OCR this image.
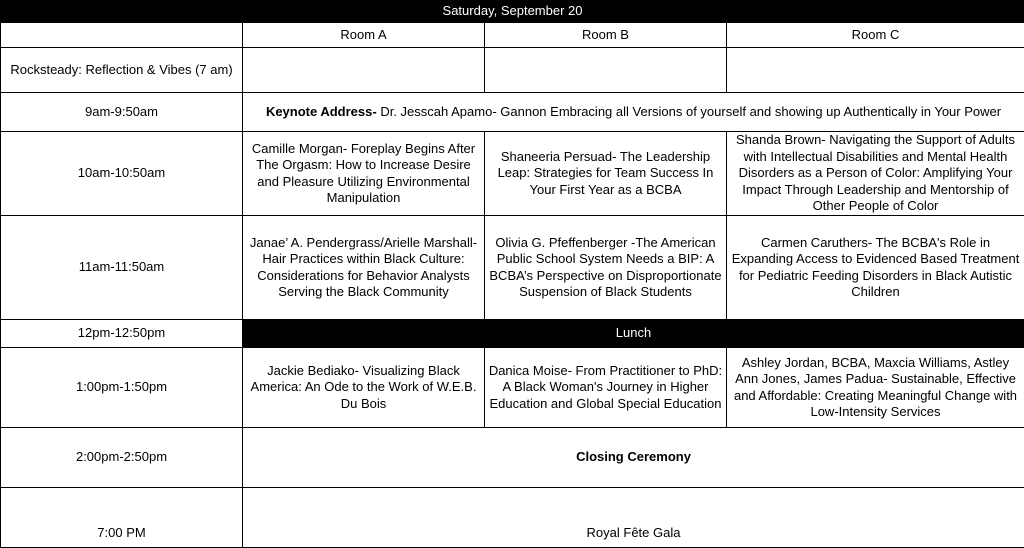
Saturday, September 20			
	Room A	Room B	Room C
Rocksteady: Reflection & Vibes (7 am)			
9am-9:50am	Keynote Address- Dr. Jesscah Apamo- Gannon Embracing all Versions of yourself and showing up Authentically in Your Power		
10am-10:50am	Camille Morgan- Foreplay Begins After The Orgasm: How to Increase Desire and Pleasure Utilizing Environmental Manipulation	Shaneeria Persuad- The Leadership Leap: Strategies for Team Success In Your First Year as a BCBA	Shanda Brown- Navigating the Support of Adults with Intellectual Disabilities and Mental Health Disorders as a Person of Color: Amplifying Your Impact Through Leadership and Mentorship of Other People of Color
11am-11:50am	Janae’ A. Pendergrass/Arielle Marshall- Hair Practices within Black Culture: Considerations for Behavior Analysts Serving the Black Community	Olivia G. Pfeffenberger -The American Public School System Needs a BIP: A BCBA’s Perspective on Disproportionate Suspension of Black Students	Carmen Caruthers- The BCBA's Role in Expanding Access to Evidenced Based Treatment for Pediatric Feeding Disorders in Black Autistic Children
12pm-12:50pm	Lunch		
1:00pm-1:50pm	Jackie Bediako- Visualizing Black America: An Ode to the Work of W.E.B. Du Bois	Danica Moise- From Practitioner to PhD: A Black Woman's Journey in Higher Education and Global Special Education	Ashley Jordan, BCBA, Maxcia Williams, Astley Ann Jones, James Padua- Sustainable, Effective and Affordable: Creating Meaningful Change with Low-Intensity Services
2:00pm-2:50pm	Closing Ceremony		
7:00 PM	Royal Fête Gala		
